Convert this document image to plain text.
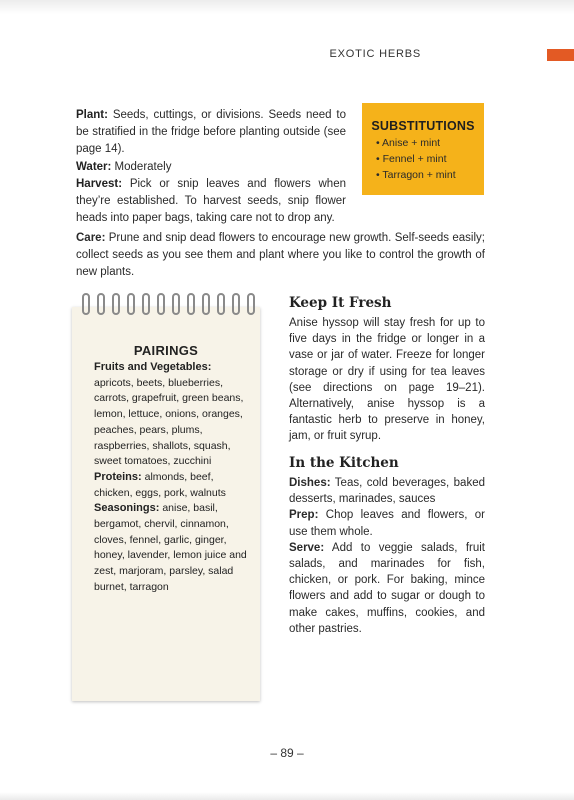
EXOTIC HERBS

Plant: Seeds, cuttings, or divisions. Seeds need to be stratified in the fridge before planting outside (see page 14).

Water: Moderately

Harvest: Pick or snip leaves and flowers when they’re established. To harvest seeds, snip flower heads into paper bags, taking care not to drop any.

Care: Prune and snip dead flowers to encourage new growth. Self-seeds easily; collect seeds as you see them and plant where you like to control the growth of new plants.

SUBSTITUTIONS
• Anise + mint
• Fennel + mint
• Tarragon + mint
PAIRINGS
Fruits and Vegetables:
apricots, beets, blueberries, carrots, grapefruit, green beans, lemon, lettuce, onions, oranges, peaches, pears, plums, raspberries, shallots, squash, sweet tomatoes, zucchini
Proteins: almonds, beef, chicken, eggs, pork, walnuts
Seasonings: anise, basil, bergamot, chervil, cinnamon, cloves, fennel, garlic, ginger, honey, lavender, lemon juice and zest, marjoram, parsley, salad burnet, tarragon
Keep It Fresh

Anise hyssop will stay fresh for up to five days in the fridge or longer in a vase or jar of water. Freeze for longer storage or dry if using for tea leaves (see directions on page 19–21). Alternatively, anise hyssop is a fantastic herb to preserve in honey, jam, or fruit syrup.

In the Kitchen

Dishes: Teas, cold beverages, baked desserts, marinades, sauces

Prep: Chop leaves and flowers, or use them whole.

Serve: Add to veggie salads, fruit salads, and marinades for fish, chicken, or pork. For baking, mince flowers and add to sugar or dough to make cakes, muffins, cookies, and other pastries.

– 89 –
